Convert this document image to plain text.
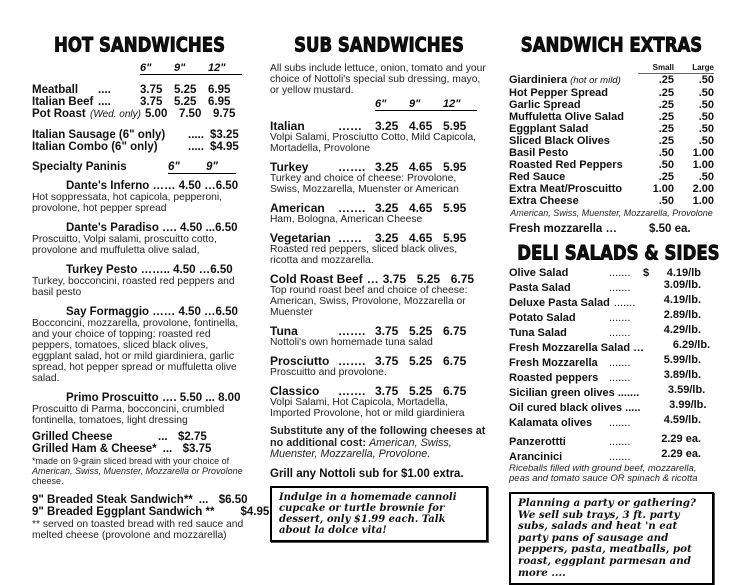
HOT SANDWICHES
6"	9"	12"
Meatball ....	3.75	5.25	6.95
Italian Beef ....	3.75	5.25	6.95
Pot Roast (Wed. only) 5.00	7.50	9.75
Italian Sausage (6" only)	..... $3.25
Italian Combo (6" only)	..... $4.95
Specialty Paninis	6"	9"
Dante's Inferno …… 4.50 …6.50
Hot soppressata, hot capicola, pepperoni, provolone, hot pepper spread
Dante's Paradiso …. 4.50 ...6.50
Proscuitto, Volpi salami, proscuitto cotto, provolone and muffuletta olive salad,
Turkey Pesto …….. 4.50 …6.50
Turkey, bocconcini, roasted red peppers and basil pesto
Say Formaggio …… 4.50 …6.50
Bocconcini, mozzarella, provolone, fontinella, and your choice of topping: roasted red peppers, tomatoes, sliced black olives, eggplant salad, hot or mild giardiniera, garlic spread, hot pepper spread or muffuletta olive salad.
Primo Proscuitto …. 5.50 ... 8.00
Proscuitto di Parma, bocconcini, crumbled fontinella, tomatoes, light dressing
Grilled Cheese	... $2.75
Grilled Ham & Cheese* ... $3.75
*made on 9-grain sliced bread with your choice of
American, Swiss, Muenster, Mozzarella or Provolone
cheese.
9" Breaded Steak Sandwich** ... $6.50
9" Breaded Eggplant Sandwich ** $4.95
** served on toasted bread with red sauce and melted cheese (provolone and mozzarella)
SUB SANDWICHES
All subs include lettuce, onion, tomato and your choice of Nottoli's special sub dressing, mayo, or yellow mustard.
6"	9"	12"
Italian	……	3.25 4.65 5.95
Volpi Salami, Prosciutto Cotto, Mild Capicola, Mortadella, Provolone
Turkey ……. 3.25 4.65 5.95
Turkey and choice of cheese: Provolone, Swiss, Mozzarella, Muenster or American
American ……. 3.25 4.65 5.95
Ham, Bologna, American Cheese
Vegetarian ……	3.25 4.65 5.95
Roasted red peppers, sliced black olives, ricotta and mozzarella.
Cold Roast Beef … 3.75 5.25 6.75
Top round roast beef and choice of cheese: American, Swiss, Provolone, Mozzarella or Muenster
Tuna	……. 3.75 5.25 6.75
Nottoli's own homemade tuna salad
Prosciutto ……. 3.75 5.25 6.75
Proscuitto and provolone.
Classico ……. 3.75 5.25 6.75
Volpi Salami, Hot Capicola, Mortadella, Imported Provolone, hot or mild giardiniera
Substitute any of the following cheeses at no additional cost: American, Swiss, Muenster, Mozzarella, Provolone.
Grill any Nottoli sub for $1.00 extra.
Indulge in a homemade cannoli cupcake or turtle brownie for dessert, only $1.99 each. Talk about la dolce vita!
SANDWICH EXTRAS
Small	Large
Giardiniera (hot or mild)	.25	.50
Hot Pepper Spread	.25	.50
Garlic Spread	.25	.50
Muffuletta Olive Salad	.25	.50
Eggplant Salad	.25	.50
Sliced Black Olives	.25	.50
Basil Pesto	.50	1.00
Roasted Red Peppers	.50	1.00
Red Sauce	.25	.50
Extra Meat/Proscuitto	1.00	2.00
Extra Cheese	.50	1.00
American, Swiss, Muenster, Mozzarella, Provolone
Fresh mozzarella …	$.50 ea.
DELI SALADS & SIDES
Olive Salad	.......	$ 4.19/lb
Pasta Salad	.......	3.09/lb.
Deluxe Pasta Salad .......	4.19/lb.
Potato Salad	.......	2.89/lb.
Tuna Salad	.......	4.29/lb.
Fresh Mozzarella Salad …	6.29/lb.
Fresh Mozzarella .......	5.99/lb.
Roasted peppers .......	3.89/lb.
Sicilian green olives .......	3.59/lb.
Oil cured black olives .....	3.99/lb.
Kalamata olives .......	4.59/lb.
Panzerottti	.......	2.29 ea.
Arancinici	.......	2.29 ea.
Riceballs filled with ground beef, mozzarella, peas and tomato sauce OR spinach & ricotta
Planning a party or gathering? We sell sub trays, 3 ft. party subs, salads and heat 'n eat party pans of sausage and peppers, pasta, meatballs, pot roast, eggplant parmesan and more ....
